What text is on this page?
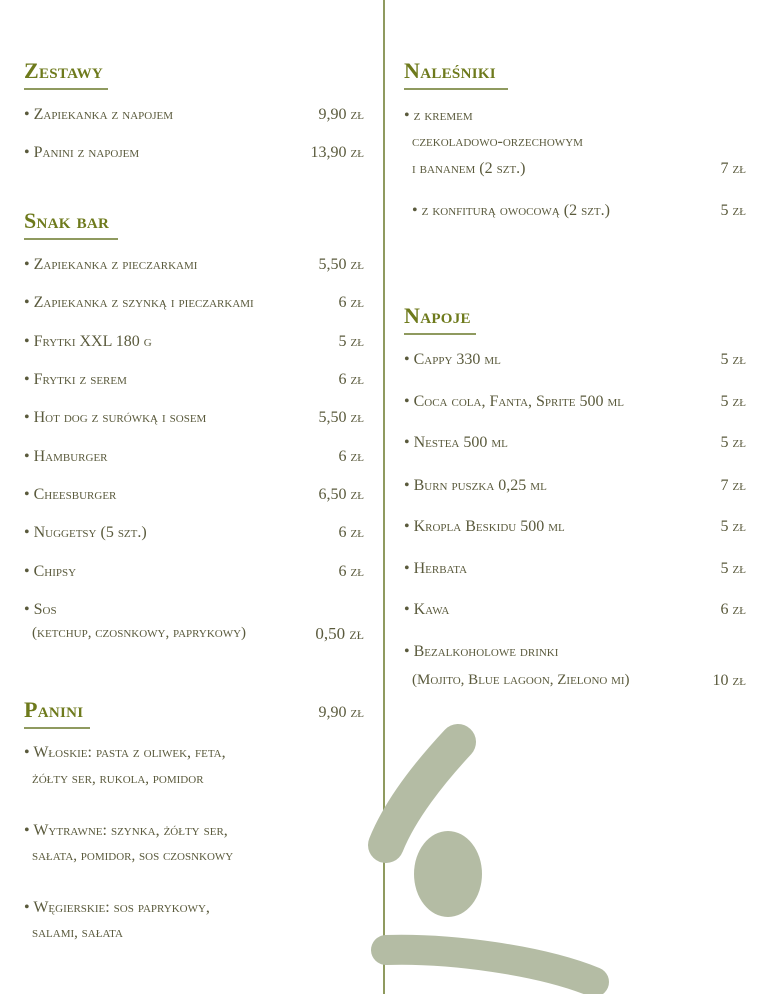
Zestawy
• Zapiekanka z napojem	9,90 zł
• Panini z napojem	13,90 zł
Snak bar
• Zapiekanka z pieczarkami	5,50 zł
• Zapiekanka z szynką i pieczarkami	6 zł
• Frytki XXL 180 g	5 zł
• Frytki z serem	6 zł
• Hot dog z surówką i sosem	5,50 zł
• Hamburger	6 zł
• Cheesburger	6,50 zł
• Nuggetsy (5 szt.)	6 zł
• Chipsy	6 zł
• Sos
(ketchup, czosnkowy, paprykowy)	0,50 zł
Panini	9,90 zł
• Włoskie: pasta z oliwek, feta,
żółty ser, rukola, pomidor
• Wytrawne: szynka, żółty ser,
sałata, pomidor, sos czosnkowy
• Węgierskie: sos paprykowy,
salami, sałata
Naleśniki
• z kremem
czekoladowo-orzechowym
i bananem (2 szt.)	7 zł
• z konfiturą owocową (2 szt.)	5 zł
Napoje
• Cappy 330 ml	5 zł
• Coca cola, Fanta, Sprite 500 ml	5 zł
• Nestea 500 ml	5 zł
• Burn puszka 0,25 ml	7 zł
• Kropla Beskidu 500 ml	5 zł
• Herbata	5 zł
• Kawa	6 zł
• Bezalkoholowe drinki
(Mojito, Blue lagoon, Zielono mi)	10 zł
